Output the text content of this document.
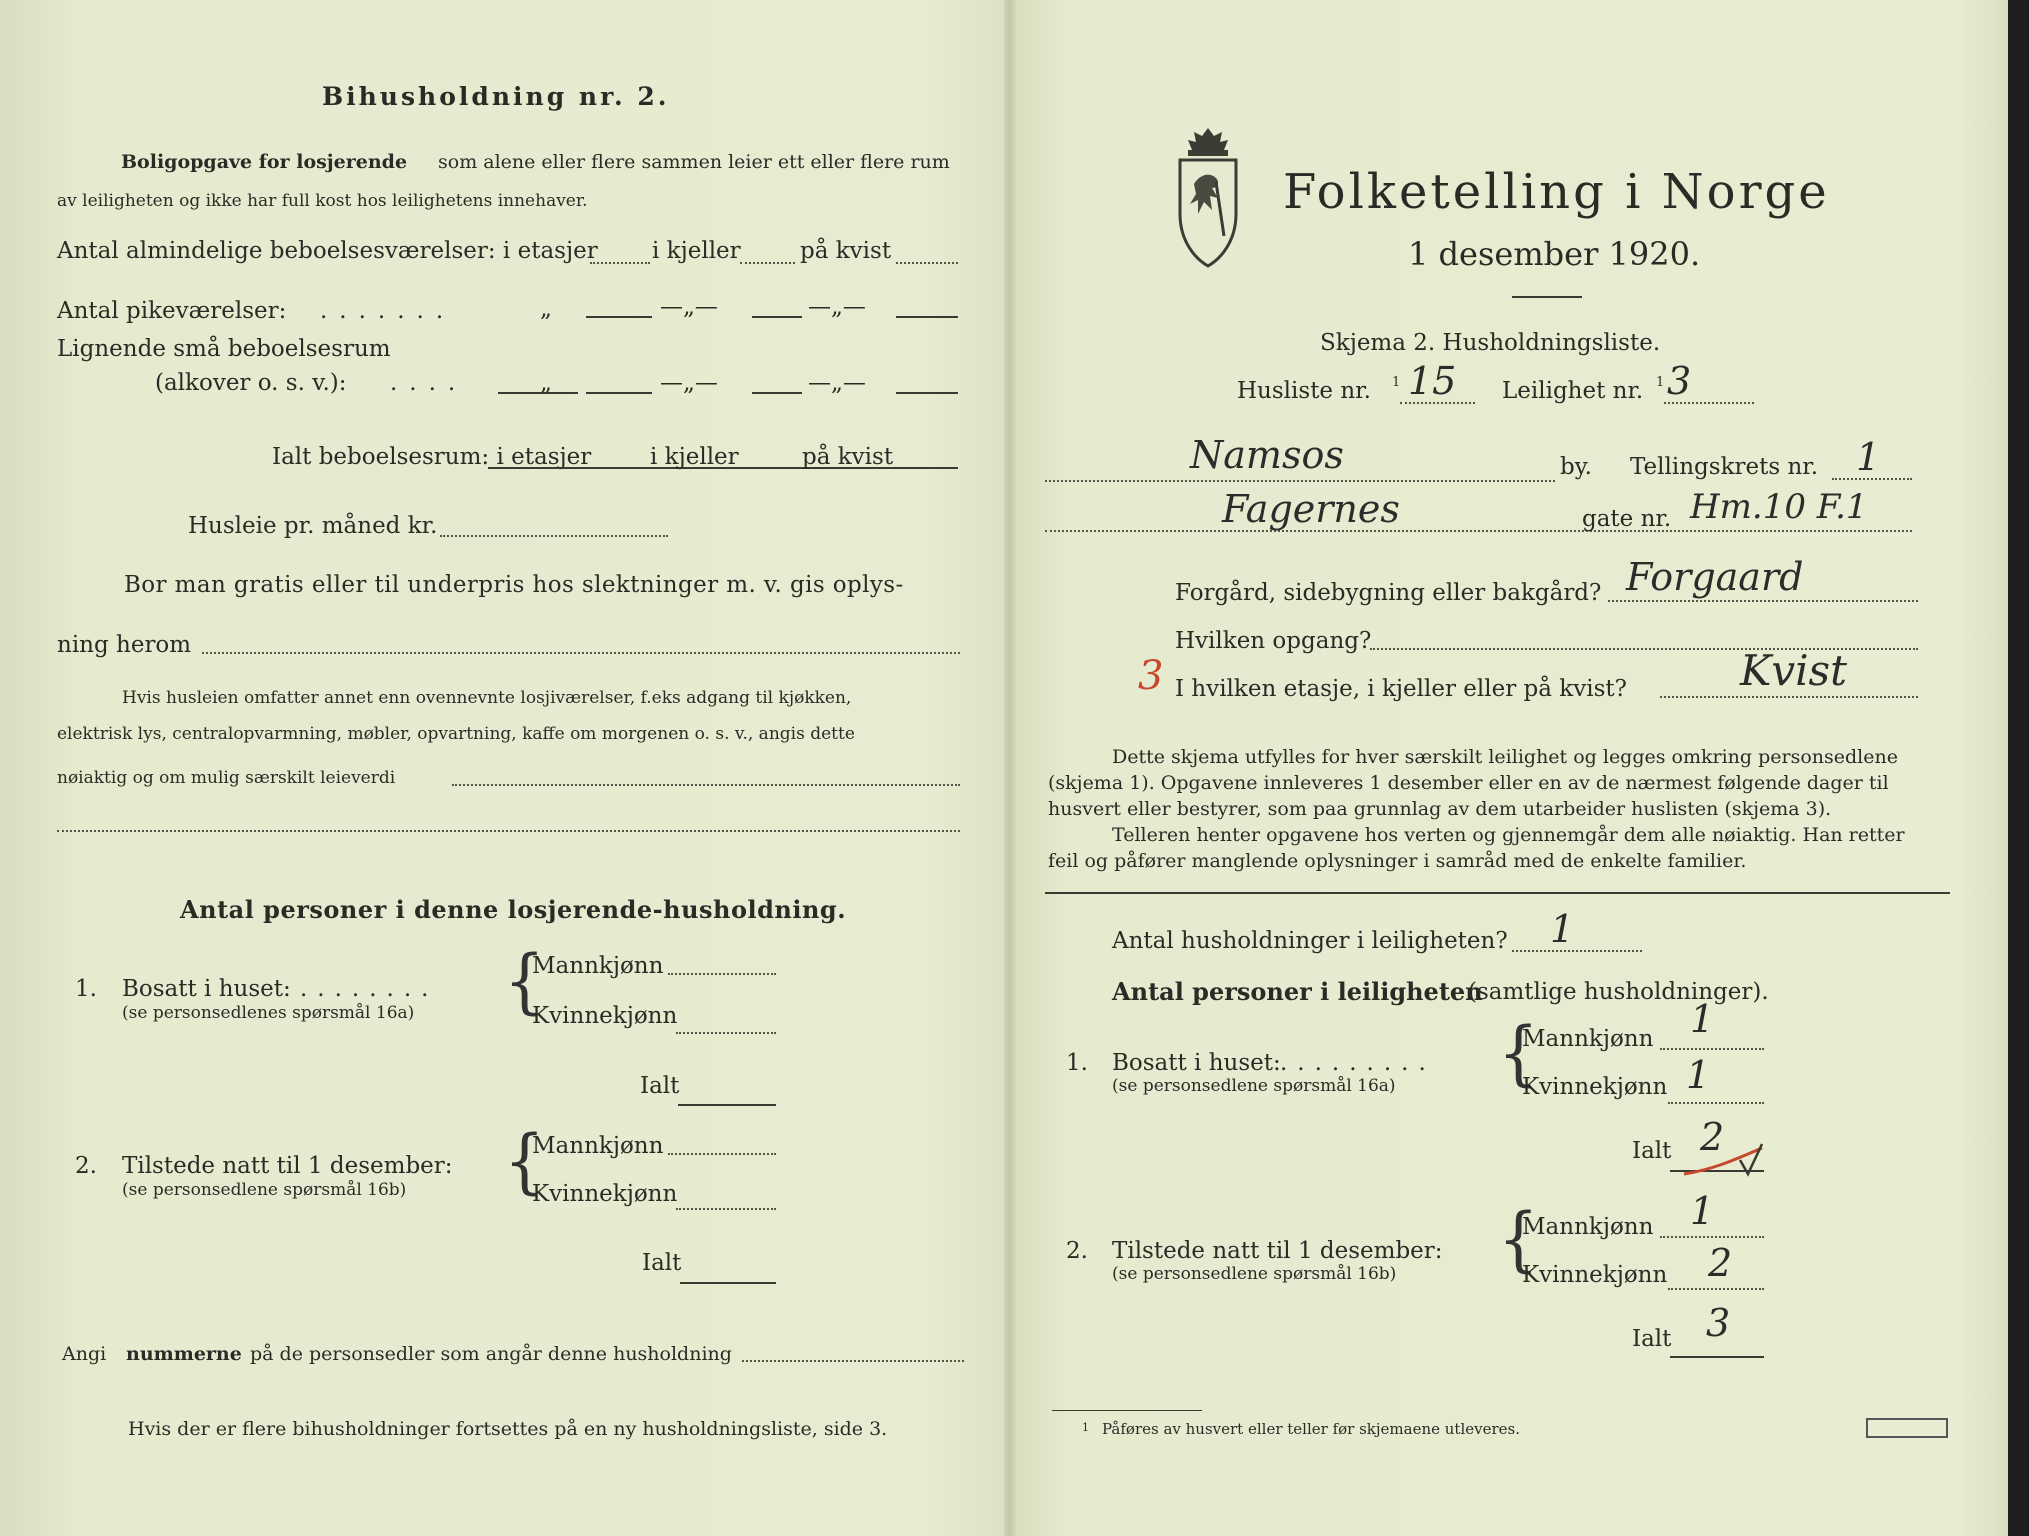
Bihusholdning nr. 2.
Boligopgave for losjerende som alene eller flere sammen leier ett eller flere rum
av leiligheten og ikke har full kost hos leilighetens innehaver.
Antal almindelige beboelsesværelser: i etasjer i kjeller	på kvist
Antal pikeværelser: .......	„	—„—	—„—
Lignende små beboelsesrum
(alkover o. s. v.): ....	„	—„—	—„—
Ialt beboelsesrum: i etasjer	i kjeller	på kvist
Husleie pr. måned kr.
Bor man gratis eller til underpris hos slektninger m. v. gis oplys-
ning herom
Hvis husleien omfatter annet enn ovennevnte losjiværelser, f.eks adgang til kjøkken,
elektrisk lys, centralopvarmning, møbler, opvartning, kaffe om morgenen o. s. v., angis dette
nøiaktig og om mulig særskilt leieverdi
Antal personer i denne losjerende-husholdning.
1. Bosatt i huset: ........
(se personsedlenes spørsmål 16a) {
Mannkjønn
Kvinnekjønn
Ialt
2. Tilstede natt til 1 desember:
(se personsedlene spørsmål 16b) {
Mannkjønn
Kvinnekjønn
Ialt
Angi nummerne på de personsedler som angår denne husholdning
Hvis der er flere bihusholdninger fortsettes på en ny husholdningsliste, side 3.
Folketelling i Norge
1 desember 1920.
Skjema 2. Husholdningsliste.
Husliste nr. 1 15 Leilighet nr. 1 3
Namsos	by. Tellingskrets nr. 1
Fagernes	gate nr. Hm.10 F.1
Forgård, sidebygning eller bakgård? Forgaard
Hvilken opgang?
3 I hvilken etasje, i kjeller eller på kvist?	Kvist
Dette skjema utfylles for hver særskilt leilighet og legges omkring personsedlene
(skjema 1). Opgavene innleveres 1 desember eller en av de nærmest følgende dager til
husvert eller bestyrer, som paa grunnlag av dem utarbeider huslisten (skjema 3).
Telleren henter opgavene hos verten og gjennemgår dem alle nøiaktig. Han retter
feil og påfører manglende oplysninger i samråd med de enkelte familier.
Antal husholdninger i leiligheten? 1
Antal personer i leiligheten
(samtlige husholdninger).
1. Bosatt i huset: .........
(se personsedlene spørsmål 16a) {
Mannkjønn 1
Kvinnekjønn 1
Ialt 2
2. Tilstede natt til 1 desember:
(se personsedlene spørsmål 16b) {
Mannkjønn 1
Kvinnekjønn 2
Ialt 3
1 Påføres av husvert eller teller før skjemaene utleveres.
